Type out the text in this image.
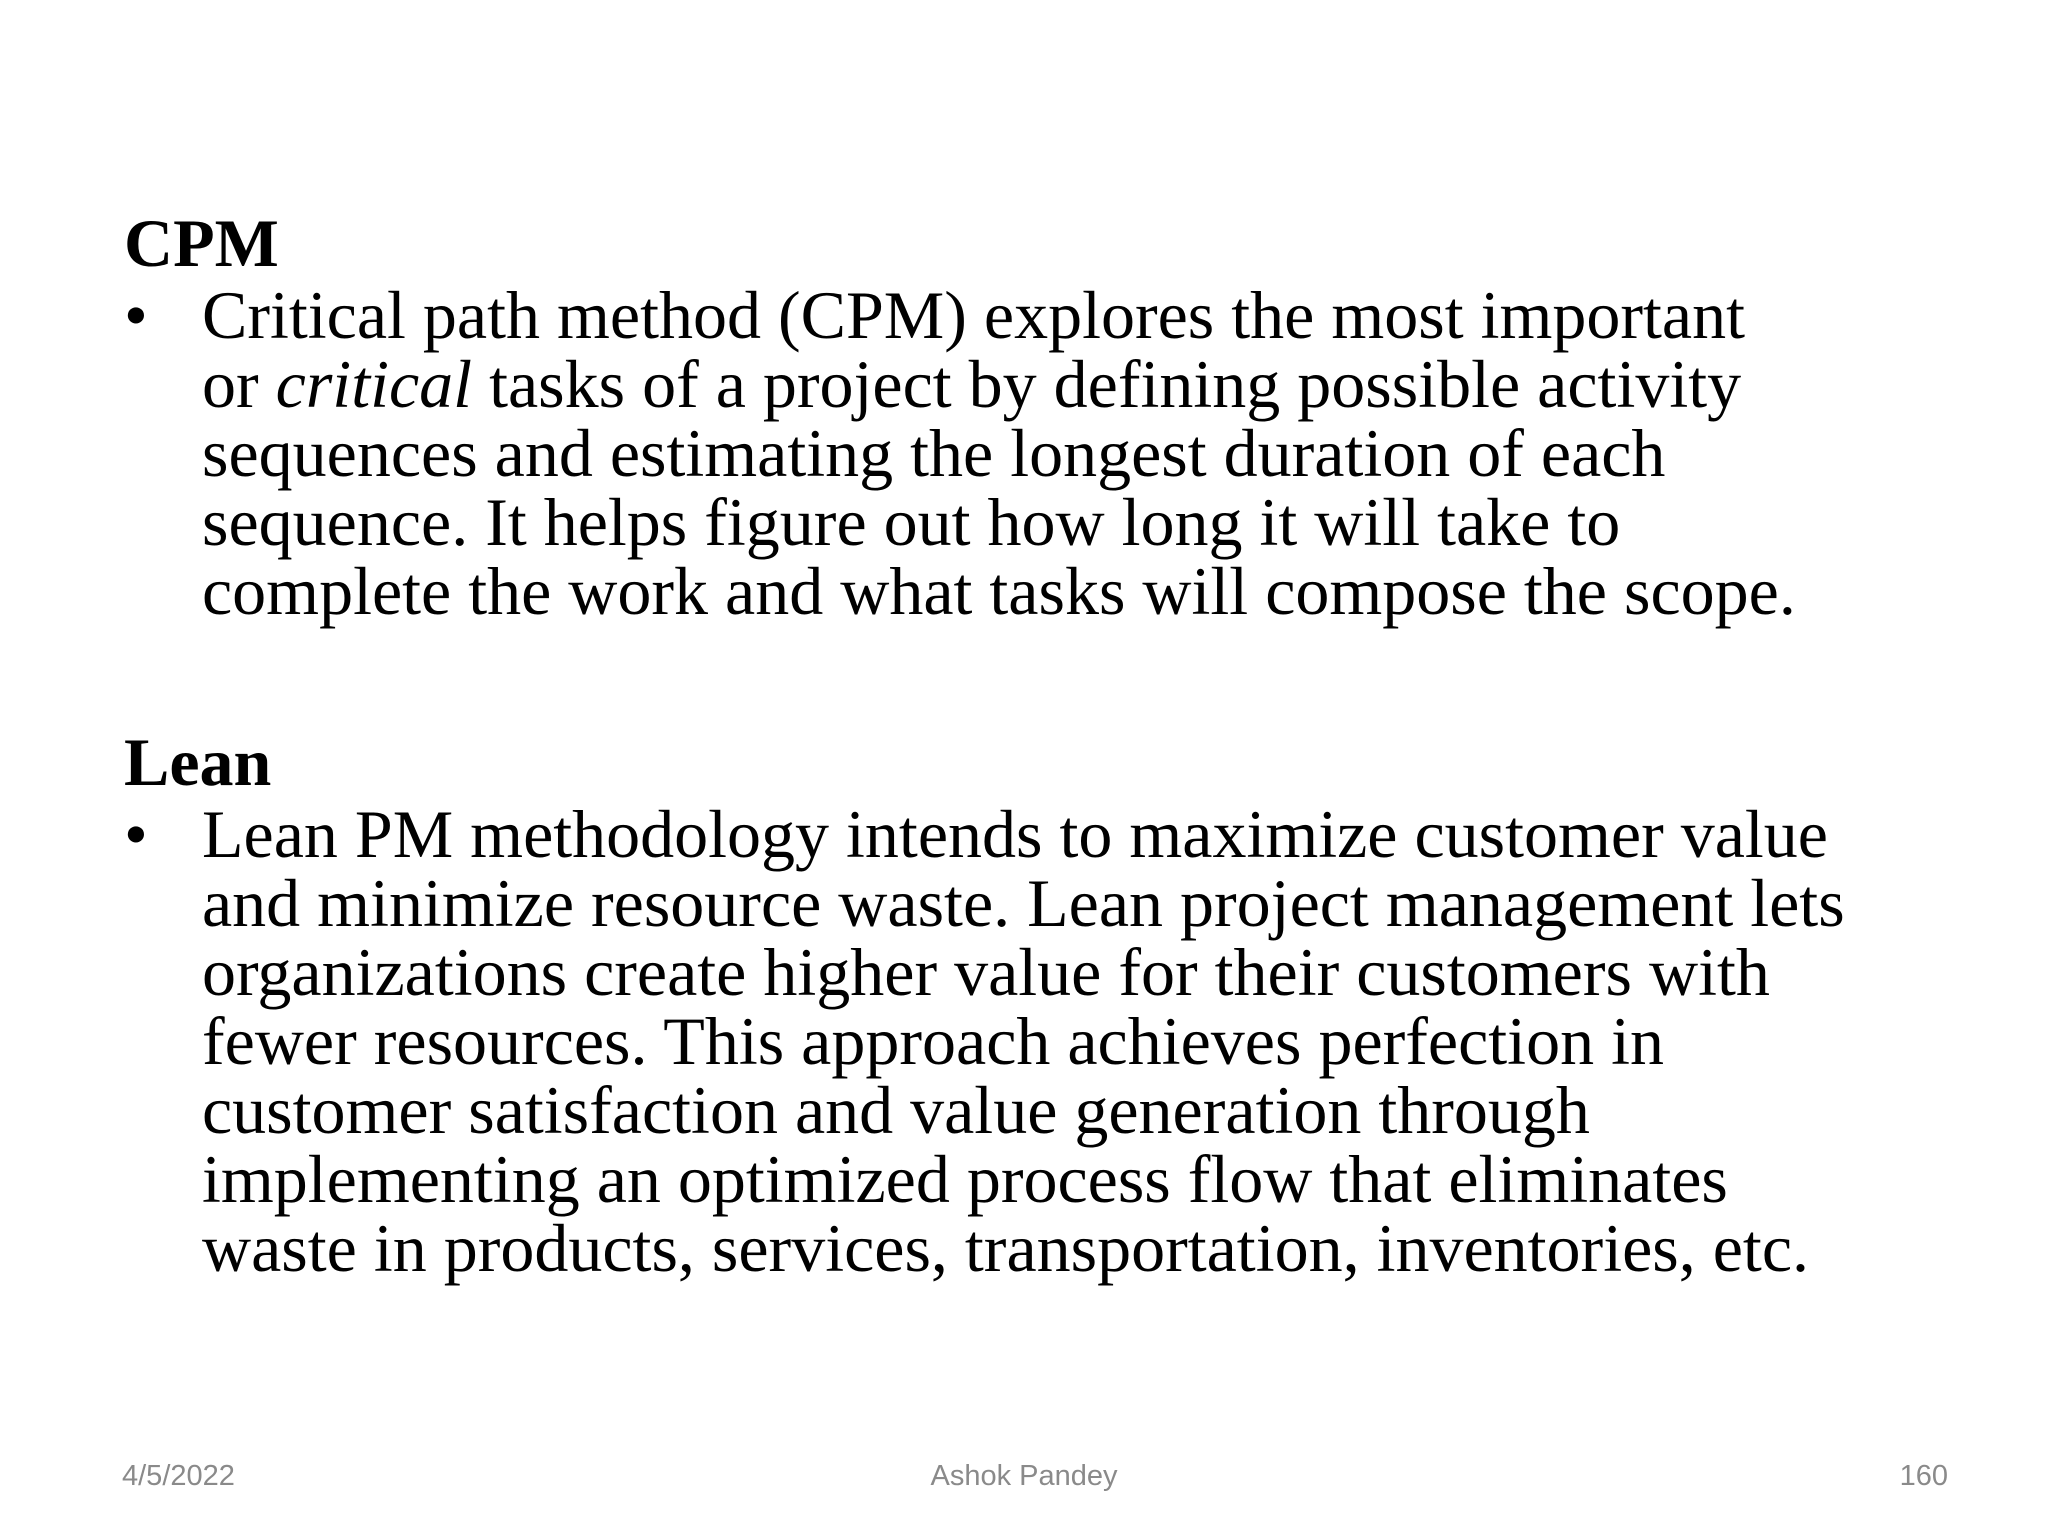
CPM

• Critical path method (CPM) explores the most important
or critical tasks of a project by defining possible activity
sequences and estimating the longest duration of each
sequence. It helps figure out how long it will take to
complete the work and what tasks will compose the scope.

Lean

• Lean PM methodology intends to maximize customer value
and minimize resource waste. Lean project management lets
organizations create higher value for their customers with
fewer resources. This approach achieves perfection in
customer satisfaction and value generation through
implementing an optimized process flow that eliminates
waste in products, services, transportation, inventories, etc.
4/5/2022	Ashok Pandey	160
